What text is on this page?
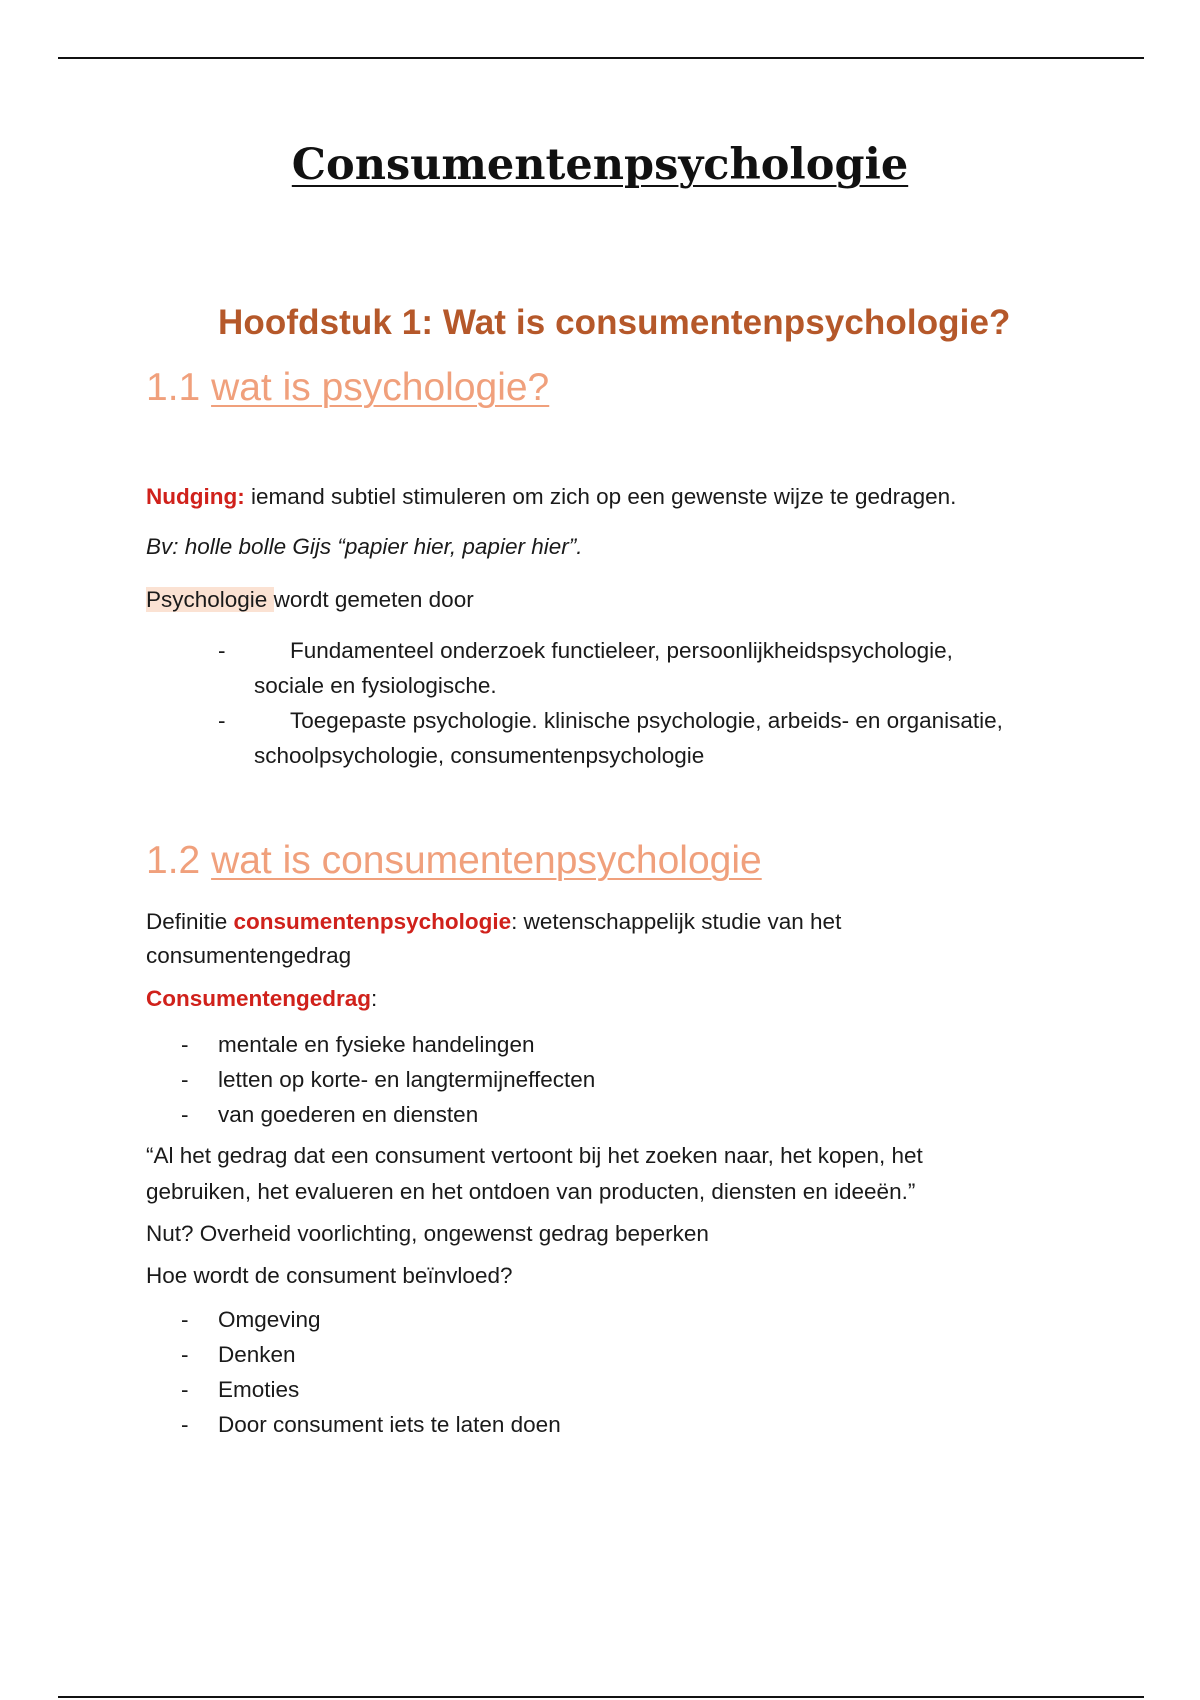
Consumentenpsychologie
Hoofdstuk 1: Wat is consumentenpsychologie?
1.1 wat is psychologie?
Nudging: iemand subtiel stimuleren om zich op een gewenste wijze te gedragen.
Bv: holle bolle Gijs “papier hier, papier hier”.
Psychologie wordt gemeten door
-	Fundamenteel onderzoek functieleer, persoonlijkheidspsychologie, sociale en fysiologische.
-	Toegepaste psychologie. klinische psychologie, arbeids- en organisatie, schoolpsychologie, consumentenpsychologie
1.2 wat is consumentenpsychologie
Definitie consumentenpsychologie: wetenschappelijk studie van het consumentengedrag
Consumentengedrag:
- mentale en fysieke handelingen
- letten op korte- en langtermijneffecten
- van goederen en diensten
“Al het gedrag dat een consument vertoont bij het zoeken naar, het kopen, het gebruiken, het evalueren en het ontdoen van producten, diensten en ideeën.”
Nut? Overheid voorlichting, ongewenst gedrag beperken
Hoe wordt de consument beïnvloed?
- Omgeving
- Denken
- Emoties
- Door consument iets te laten doen
